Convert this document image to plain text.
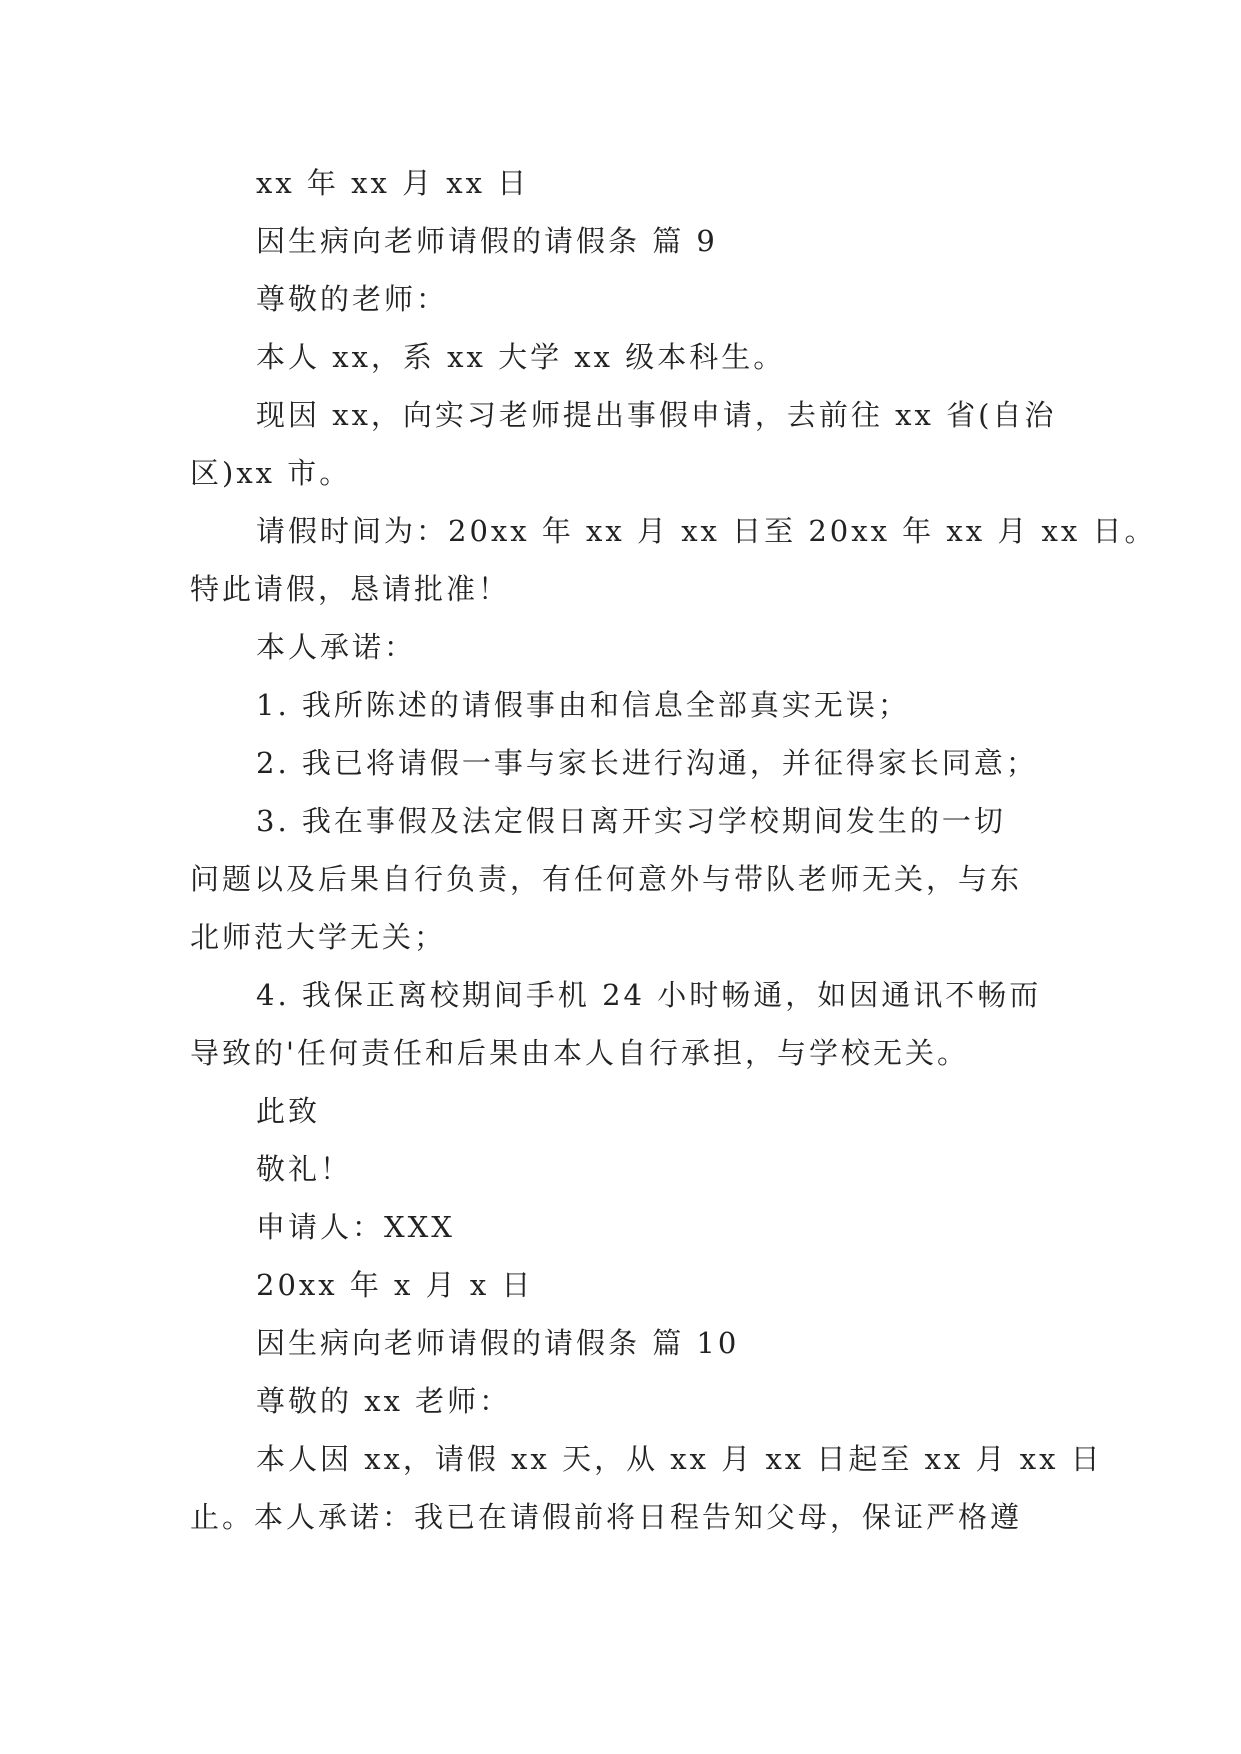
xx 年 xx 月 xx 日

因生病向老师请假的请假条 篇 9

尊敬的老师：

本人 xx，系 xx 大学 xx 级本科生。

现因 xx，向实习老师提出事假申请，去前往 xx 省(自治

区)xx 市。

请假时间为：20xx 年 xx 月 xx 日至 20xx 年 xx 月 xx 日。

特此请假，恳请批准！

本人承诺：

1. 我所陈述的请假事由和信息全部真实无误；

2. 我已将请假一事与家长进行沟通，并征得家长同意；

3. 我在事假及法定假日离开实习学校期间发生的一切

问题以及后果自行负责，有任何意外与带队老师无关，与东

北师范大学无关；

4. 我保正离校期间手机 24 小时畅通，如因通讯不畅而

导致的'任何责任和后果由本人自行承担，与学校无关。

此致

敬礼！

申请人：XXX

20xx 年 x 月 x 日

因生病向老师请假的请假条 篇 10

尊敬的 xx 老师：

本人因 xx，请假 xx 天，从 xx 月 xx 日起至 xx 月 xx 日

止。本人承诺：我已在请假前将日程告知父母，保证严格遵
